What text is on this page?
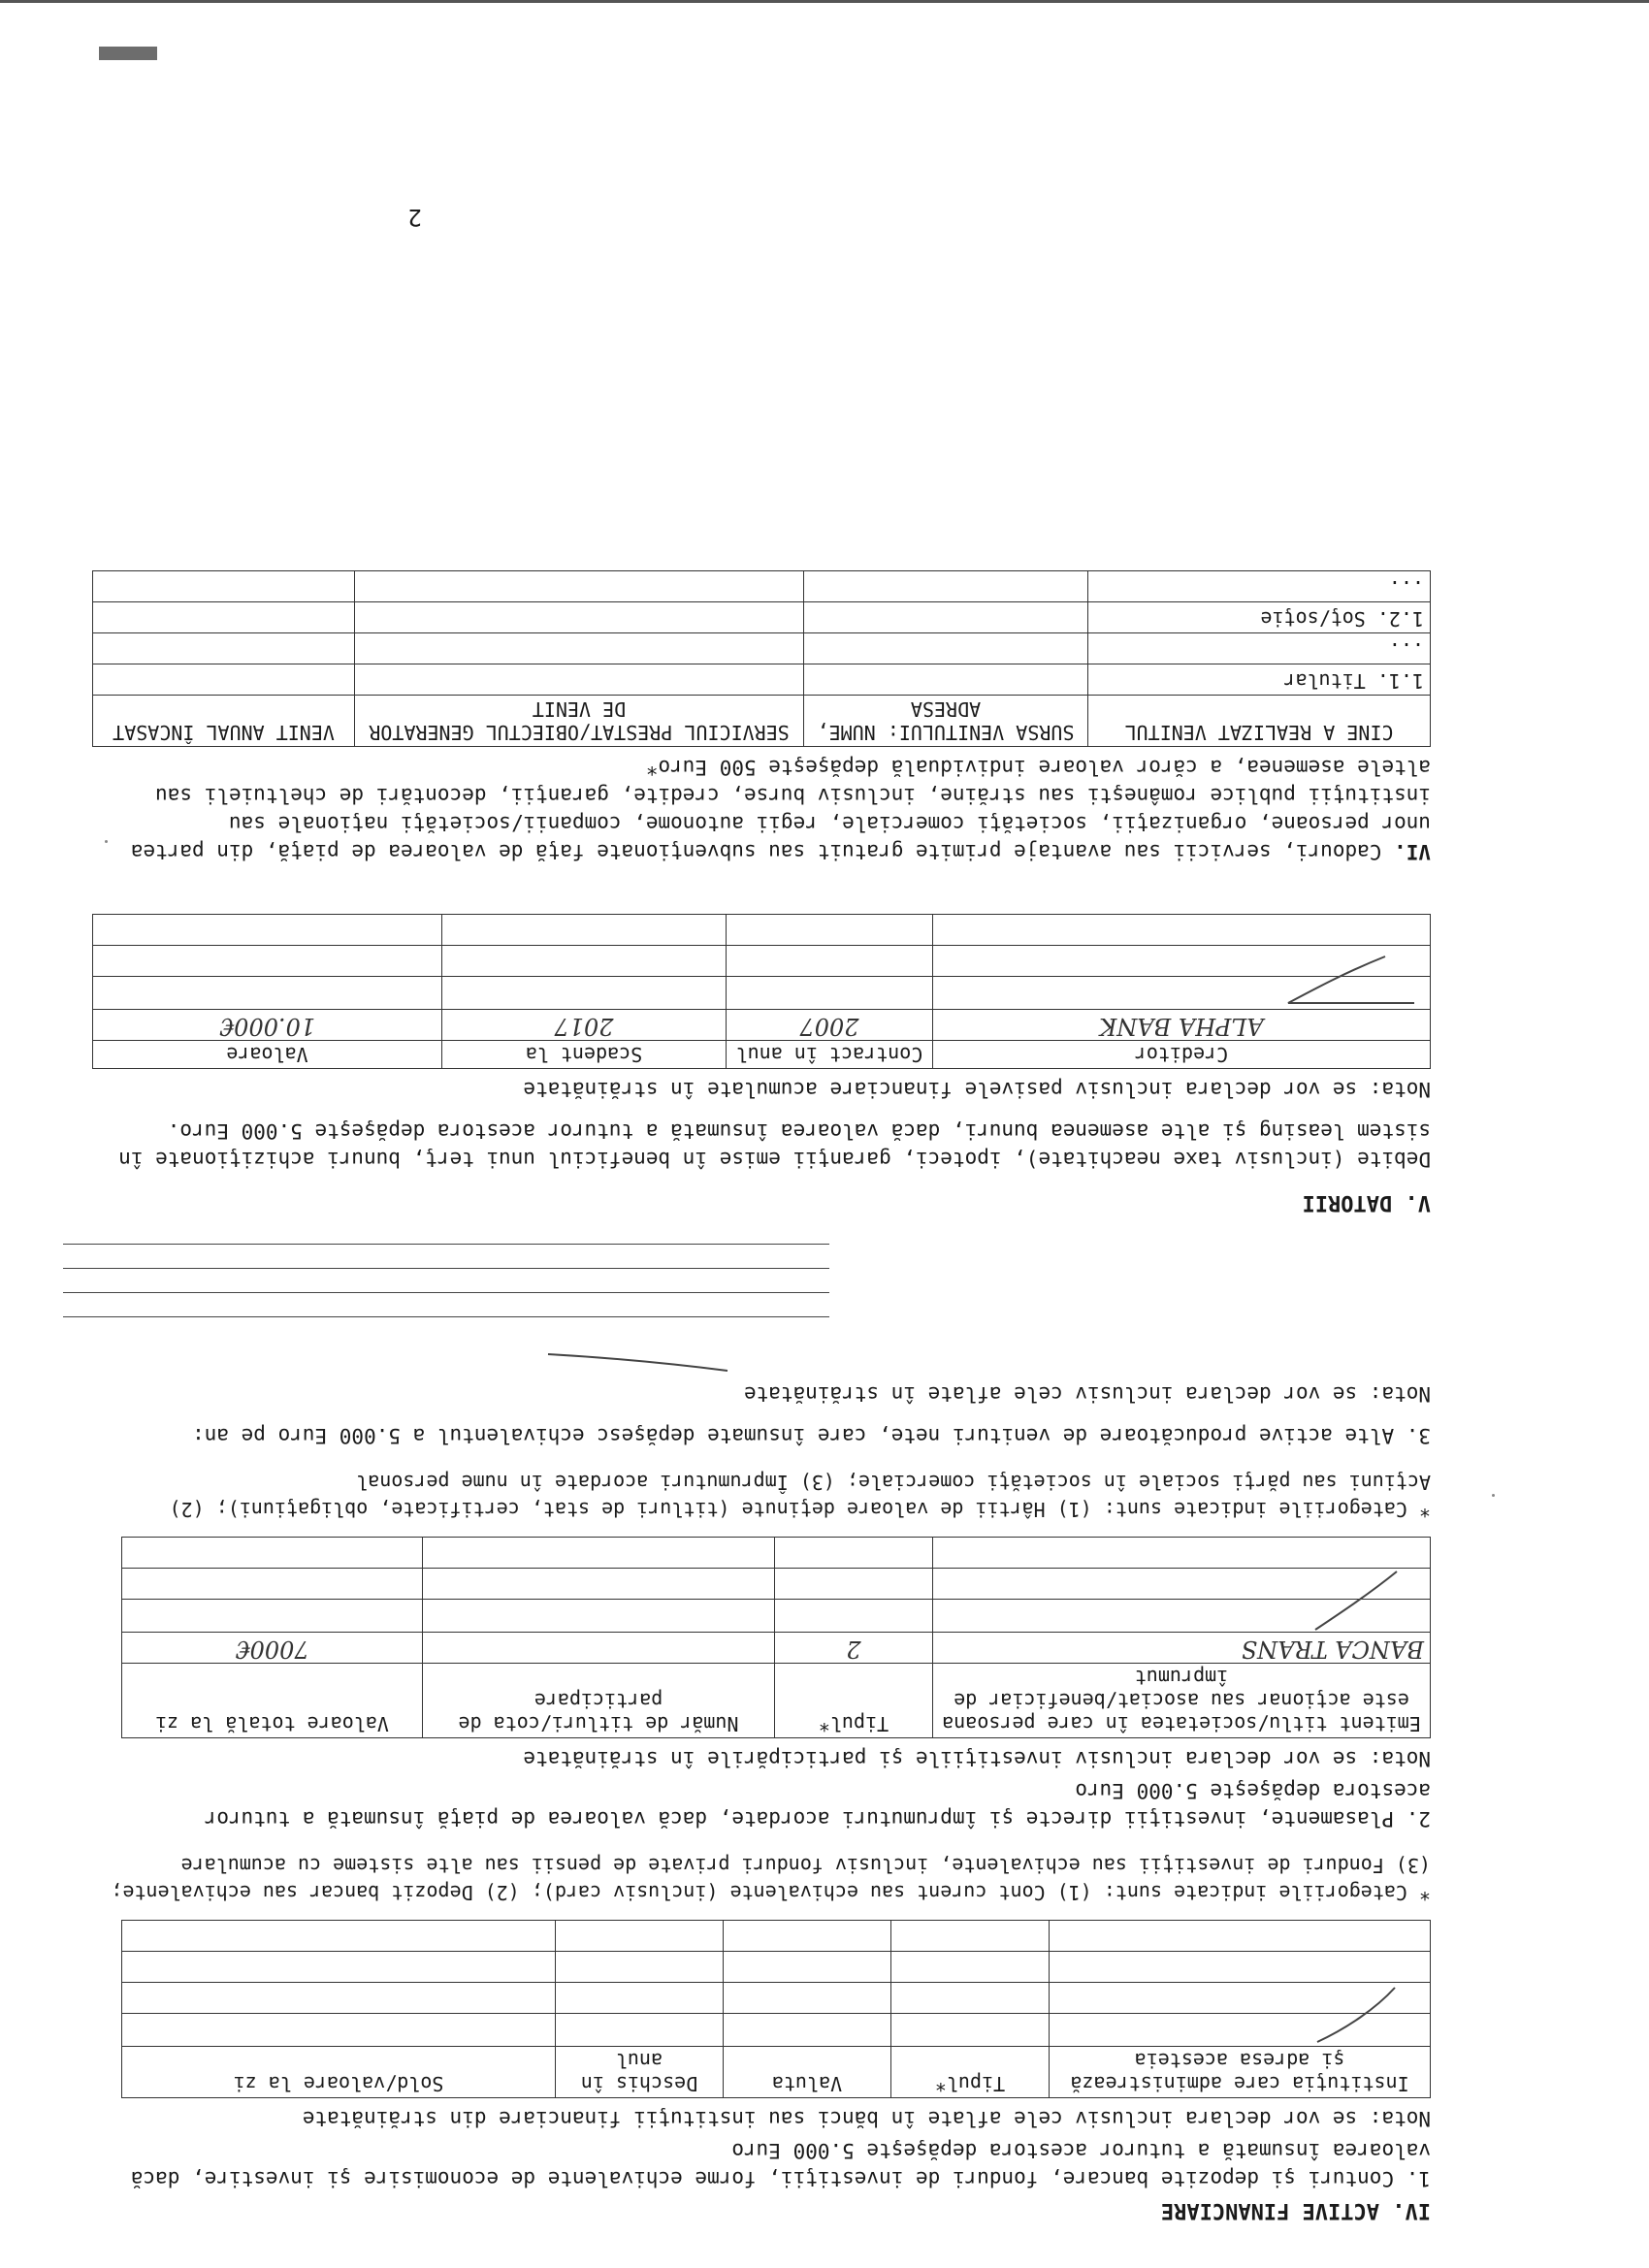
IV. ACTIVE FINANCIARE

1. Conturi şi depozite bancare, fonduri de investiţii, forme echivalente de economisire şi investire, dacă valoarea însumată a tuturor acestora depăşeşte 5.000 Euro

Nota: se vor declara inclusiv cele aflate în bănci sau instituţii financiare din străinătate

Instituţia care administrează şi adresa acesteia	Tipul*	Valuta	Deschis în anul	Sold/valoare la zi

* Categoriile indicate sunt: (1) Cont curent sau echivalente (inclusiv card); (2) Depozit bancar sau echivalente; (3) Fonduri de investiţii sau echivalente, inclusiv fonduri private de pensii sau alte sisteme cu acumulare

2. Plasamente, investiţii directe şi împrumuturi acordate, dacă valoarea de piaţă însumată a tuturor acestora depăşeşte 5.000 Euro

Nota: se vor declara inclusiv investiţiile şi participările în străinătate

Emitent titlu/societatea în care persoana este acţionar sau asociat/beneficiar de împrumut	Tipul*	Număr de titluri/cota de participare	Valoare totală la zi
BANCA TRANS	2		7000€

* Categoriile indicate sunt: (1) Hârtii de valoare deţinute (titluri de stat, certificate, obligaţiuni); (2) Acţiuni sau părţi sociale în societăţi comerciale; (3) Împrumuturi acordate în nume personal

3. Alte active producătoare de venituri nete, care însumate depăşesc echivalentul a 5.000 Euro pe an:

Nota: se vor declara inclusiv cele aflate în străinătate

V. DATORII

Debite (inclusiv taxe neachitate), ipoteci, garanţii emise în beneficiul unui terţ, bunuri achiziţionate în sistem leasing şi alte asemenea bunuri, dacă valoarea însumată a tuturor acestora depăşeşte 5.000 Euro.

Nota: se vor declara inclusiv pasivele financiare acumulate în străinătate

Creditor	Contract în anul	Scadent la	Valoare
ALPHA BANK	2007	2017	10.000€

VI. Cadouri, servicii sau avantaje primite gratuit sau subvenţionate faţă de valoarea de piaţă, din partea unor persoane, organizaţii, societăţi comerciale, regii autonome, companii/societăţi naţionale sau instituţii publice româneşti sau străine, inclusiv burse, credite, garanţii, decontări de cheltuieli sau altele asemenea, a căror valoare individuală depăşeşte 500 Euro*

CINE A REALIZAT VENITUL	SURSA VENITULUI: NUME, ADRESA	SERVICIUL PRESTAT/OBIECTUL GENERATOR DE VENIT	VENIT ANUAL ÎNCASAT
1.1. Titular			
...			
1.2. Soţ/soţie			
...			
2
